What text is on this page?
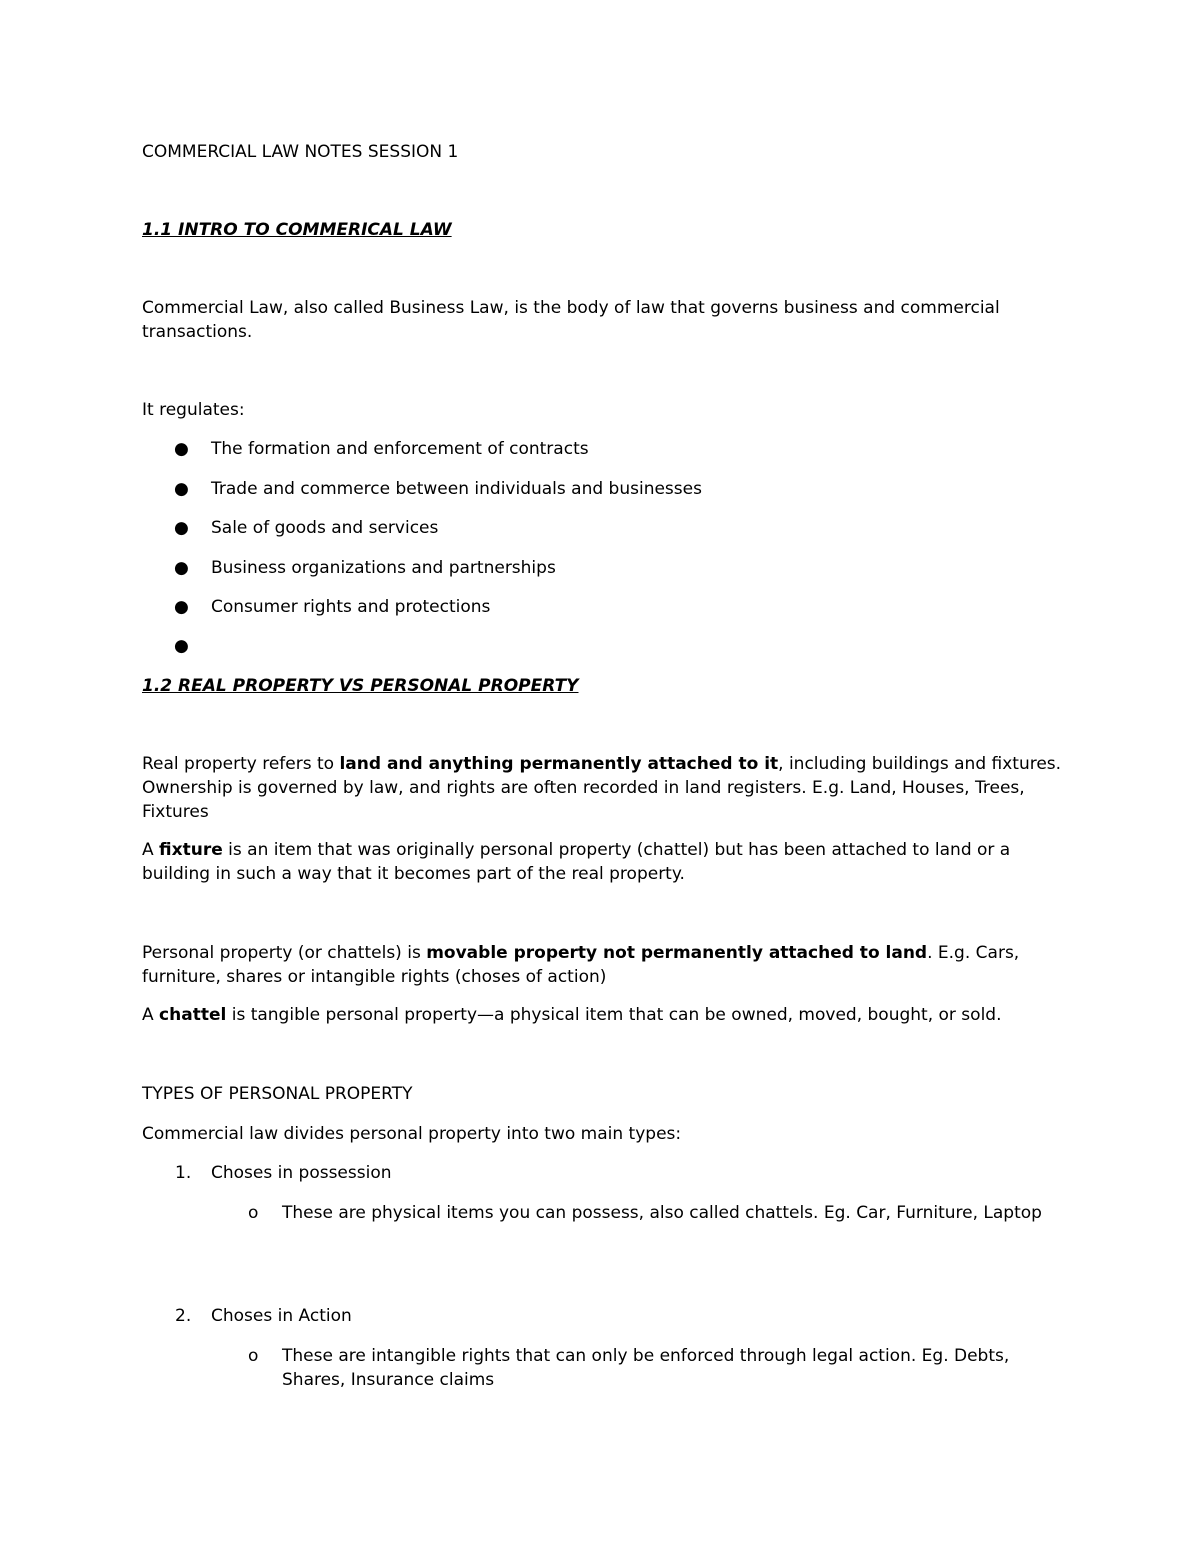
COMMERCIAL LAW NOTES SESSION 1

1.1 INTRO TO COMMERICAL LAW

Commercial Law, also called Business Law, is the body of law that governs business and commercial transactions.

It regulates:

● The formation and enforcement of contracts

● Trade and commerce between individuals and businesses

● Sale of goods and services

● Business organizations and partnerships

● Consumer rights and protections

●

1.2 REAL PROPERTY VS PERSONAL PROPERTY

Real property refers to land and anything permanently attached to it, including buildings and fixtures. Ownership is governed by law, and rights are often recorded in land registers. E.g. Land, Houses, Trees, Fixtures

A fixture is an item that was originally personal property (chattel) but has been attached to land or a building in such a way that it becomes part of the real property.

Personal property (or chattels) is movable property not permanently attached to land. E.g. Cars, furniture, shares or intangible rights (choses of action)

A chattel is tangible personal property—a physical item that can be owned, moved, bought, or sold.

TYPES OF PERSONAL PROPERTY

Commercial law divides personal property into two main types:

1. Choses in possession

o These are physical items you can possess, also called chattels. Eg. Car, Furniture, Laptop

2. Choses in Action

o These are intangible rights that can only be enforced through legal action. Eg. Debts, Shares, Insurance claims
